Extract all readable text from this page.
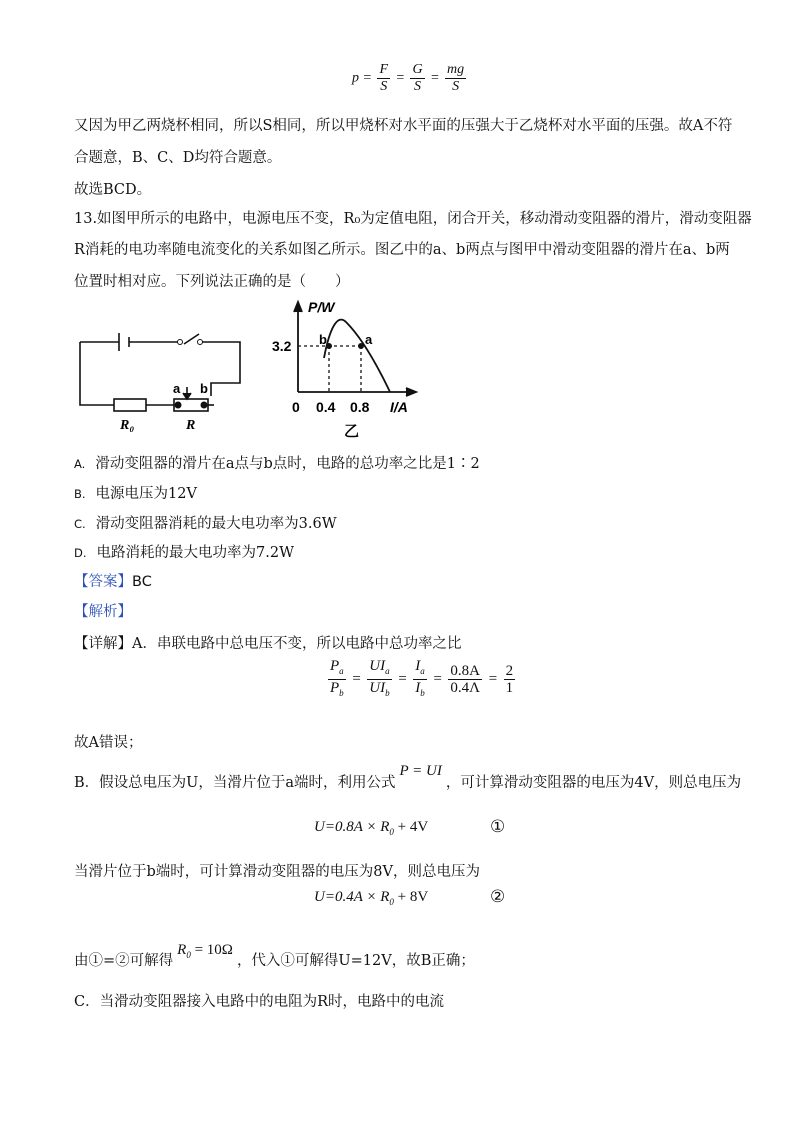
$p = \frac{F}{S} = \frac{G}{S} = \frac{mg}{S}$
又因为甲乙两烧杯相同，所以S相同，所以甲烧杯对水平面的压强大于乙烧杯对水平面的压强。故A不符
合题意，B、C、D均符合题意。
故选BCD。
13.如图甲所示的电路中，电源电压不变，R₀为定值电阻，闭合开关，移动滑动变阻器的滑片，滑动变阻器
R消耗的电功率随电流变化的关系如图乙所示。图乙中的a、b两点与图甲中滑动变阻器的滑片在a、b两
位置时相对应。下列说法正确的是（　　）
a b
R₀	R
P/W
3.2 b	a
0 0.4 0.8 I/A
乙
A. 滑动变阻器的滑片在a点与b点时，电路的总功率之比是1∶2
B. 电源电压为12V
C. 滑动变阻器消耗的最大电功率为3.6W
D. 电路消耗的最大电功率为7.2W
【答案】BC
【解析】
【详解】A．串联电路中总电压不变，所以电路中总功率之比
$\frac{P_a}{P_b} = \frac{UI_a}{UI_b} = \frac{I_a}{I_b} = \frac{0.8A}{0.4\Lambda} = \frac{2}{1}$
故A错误；
B．假设总电压为U，当滑片位于a端时，利用公式P = UI，可计算滑动变阻器的电压为4V，则总电压为
$U=0.8A \times R_0 + 4V$	①
当滑片位于b端时，可计算滑动变阻器的电压为8V，则总电压为
$U=0.4A \times R_0 + 8V$	②
由①=②可解得$R_0 = 10\Omega$，代入①可解得U=12V，故B正确；
C．当滑动变阻器接入电路中的电阻为R时，电路中的电流
